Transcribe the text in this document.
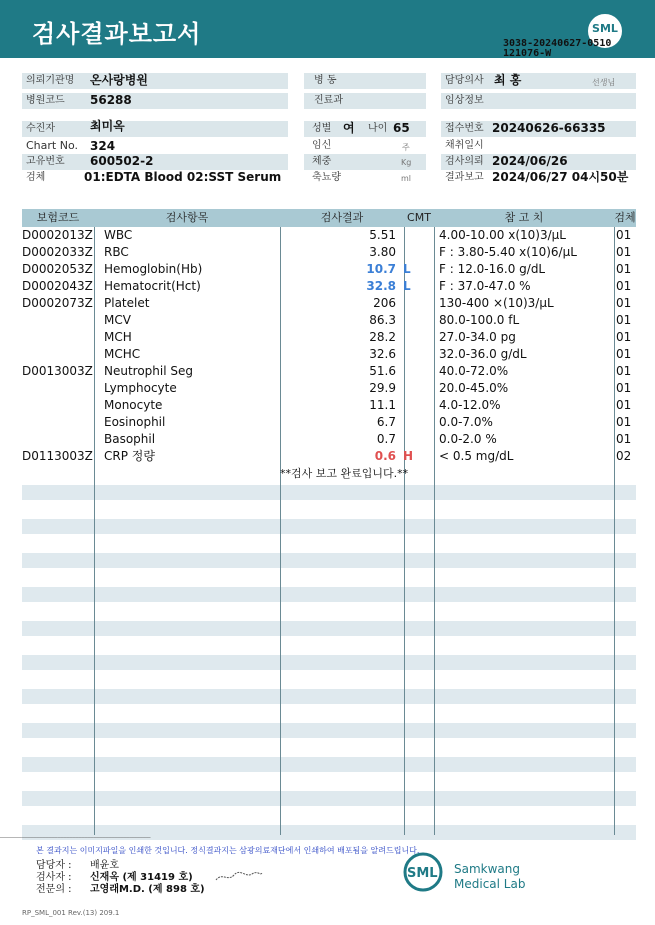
검사결과보고서	SML
3038-20240627-0510
121076-W
의뢰기관명	온사랑병원
병원코드	56288
병 동
진료과
담당의사 최 홍	선생님
임상정보
수진자	최미옥
Chart No.	324
고유번호	600502-2
검체	01:EDTA Blood 02:SST Serum
성별 여	나이 65
임신	주
체중	Kg
축뇨량	ml
접수번호 20240626-66335
채취일시
검사의뢰 2024/06/26
결과보고 2024/06/27 04시50분
보험코드	검사항목	검사결과	CMT	참 고 치	검체
D0002013Z WBC	5.51	4.00-10.00 x(10)3/μL	01
D0002033Z RBC	3.80	F : 3.80-5.40 x(10)6/μL	01
D0002053Z Hemoglobin(Hb)	10.7 L F : 12.0-16.0 g/dL	01
D0002043Z Hematocrit(Hct)	32.8 L F : 37.0-47.0 %	01
D0002073Z Platelet	206	130-400 ×(10)3/μL	01
MCV	86.3	80.0-100.0 fL	01
MCH	28.2	27.0-34.0 pg	01
MCHC	32.6	32.0-36.0 g/dL	01
D0013003Z Neutrophil Seg	51.6	40.0-72.0%	01
Lymphocyte	29.9	20.0-45.0%	01
Monocyte	11.1	4.0-12.0%	01
Eosinophil	6.7	0.0-7.0%	01
Basophil	0.7	0.0-2.0 %	01
D0113003Z CRP 정량	0.6 H < 0.5 mg/dL	02
**검사 보고 완료입니다.**
──────────────────────────────────────────────────
본 결과지는 이미지파일을 인쇄한 것입니다. 정식결과지는 삼광의료재단에서 인쇄하여 배포됨을 알려드립니다.
담당자 : 배윤호
검사자 : 신재옥 (제 31419 호)
전문의 : 고영래M.D. (제 898 호)
SML Samkwang
Medical Lab
RP_SML_001 Rev.(13) 209.1
